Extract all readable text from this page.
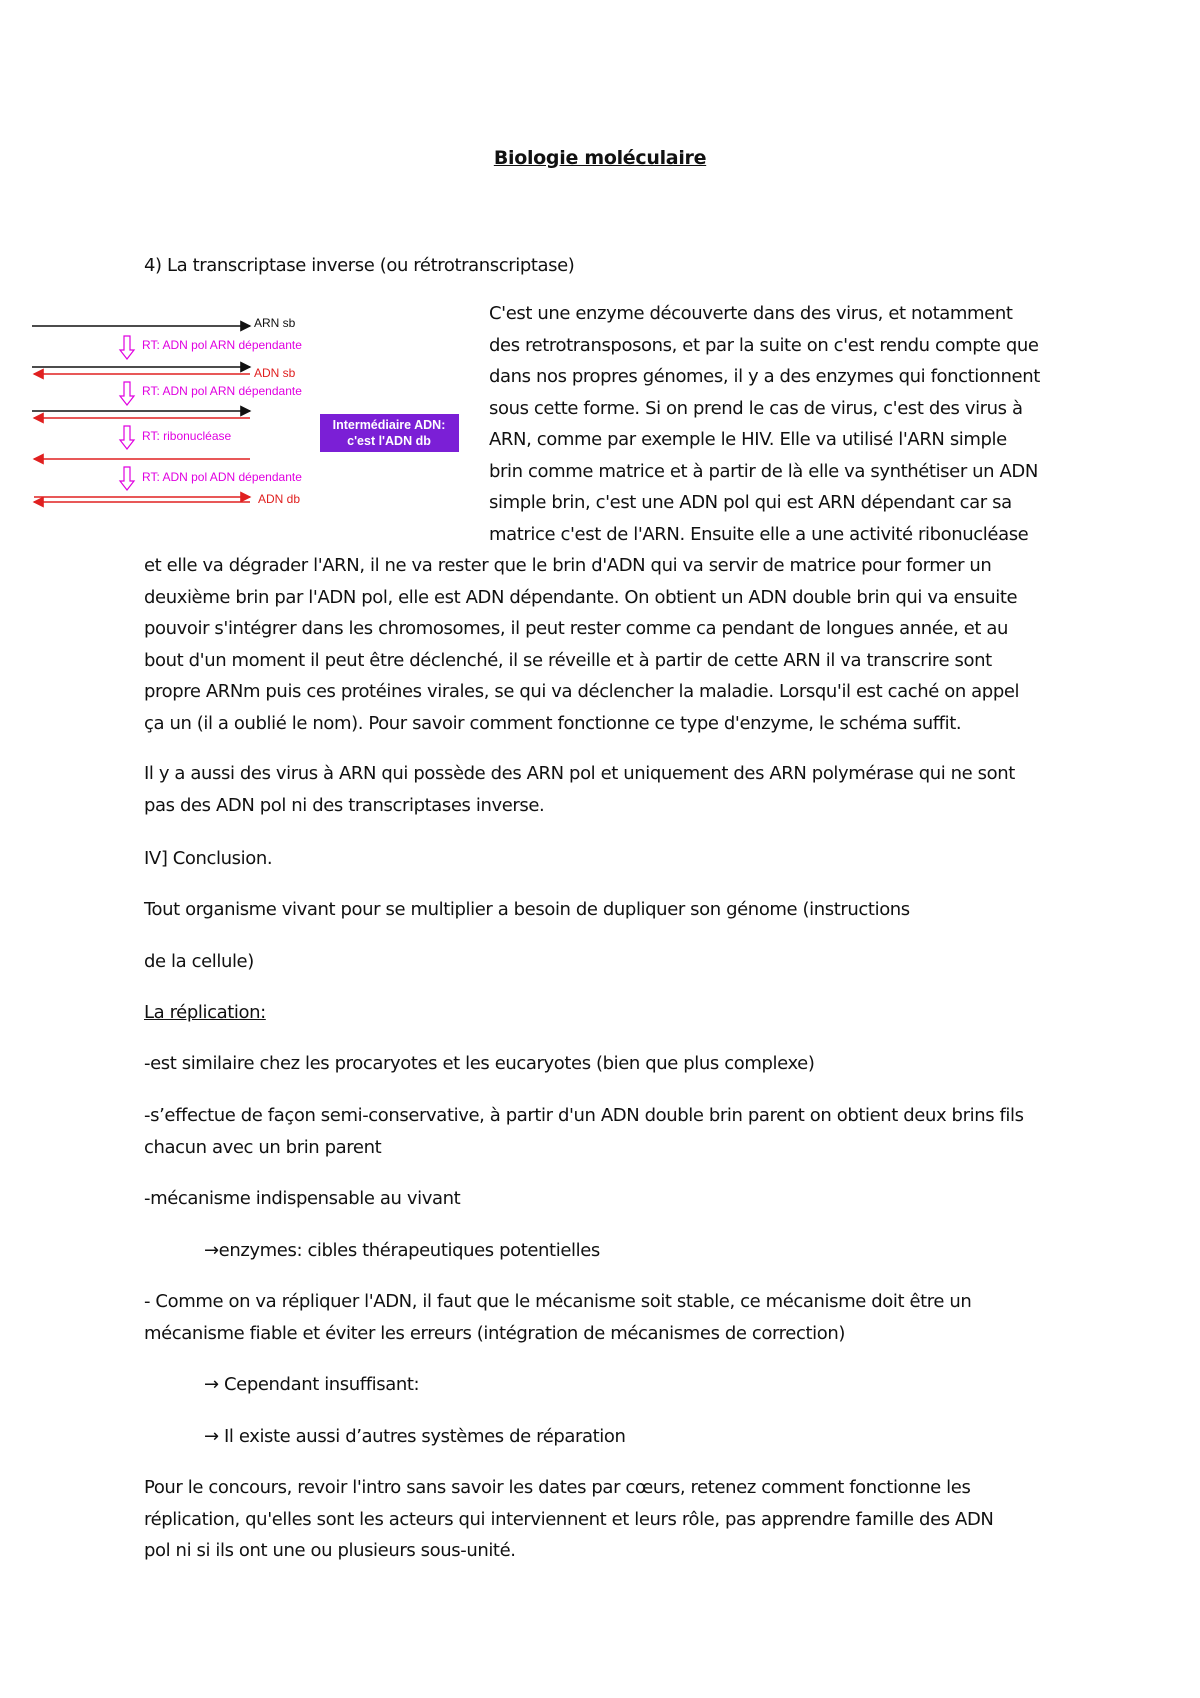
Biologie moléculaire
4) La transcriptase inverse (ou rétrotranscriptase)
ARN sb
RT: ADN pol ARN dépendante
ADN sb
RT: ADN pol ARN dépendante
RT: ribonucléase
RT: ADN pol ADN dépendante
ADN db
Intermédiaire ADN:
c'est l'ADN db
C'est une enzyme découverte dans des virus, et notamment
des retrotransposons, et par la suite on c'est rendu compte que
dans nos propres génomes, il y a des enzymes qui fonctionnent
sous cette forme. Si on prend le cas de virus, c'est des virus à
ARN, comme par exemple le HIV. Elle va utilisé l'ARN simple
brin comme matrice et à partir de là elle va synthétiser un ADN
simple brin, c'est une ADN pol qui est ARN dépendant car sa
matrice c'est de l'ARN. Ensuite elle a une activité ribonucléase
et elle va dégrader l'ARN, il ne va rester que le brin d'ADN qui va servir de matrice pour former un
deuxième brin par l'ADN pol, elle est ADN dépendante. On obtient un ADN double brin qui va ensuite
pouvoir s'intégrer dans les chromosomes, il peut rester comme ca pendant de longues année, et au
bout d'un moment il peut être déclenché, il se réveille et à partir de cette ARN il va transcrire sont
propre ARNm puis ces protéines virales, se qui va déclencher la maladie. Lorsqu'il est caché on appel
ça un (il a oublié le nom). Pour savoir comment fonctionne ce type d'enzyme, le schéma suffit.
Il y a aussi des virus à ARN qui possède des ARN pol et uniquement des ARN polymérase qui ne sont
pas des ADN pol ni des transcriptases inverse.
IV] Conclusion.
Tout organisme vivant pour se multiplier a besoin de dupliquer son génome (instructions
de la cellule)
La réplication:
-est similaire chez les procaryotes et les eucaryotes (bien que plus complexe)
-s’effectue de façon semi-conservative, à partir d'un ADN double brin parent on obtient deux brins fils
chacun avec un brin parent
-mécanisme indispensable au vivant
→enzymes: cibles thérapeutiques potentielles
- Comme on va répliquer l'ADN, il faut que le mécanisme soit stable, ce mécanisme doit être un
mécanisme fiable et éviter les erreurs (intégration de mécanismes de correction)
→ Cependant insuffisant:
→ Il existe aussi d’autres systèmes de réparation
Pour le concours, revoir l'intro sans savoir les dates par cœurs, retenez comment fonctionne les
réplication, qu'elles sont les acteurs qui interviennent et leurs rôle, pas apprendre famille des ADN
pol ni si ils ont une ou plusieurs sous-unité.
